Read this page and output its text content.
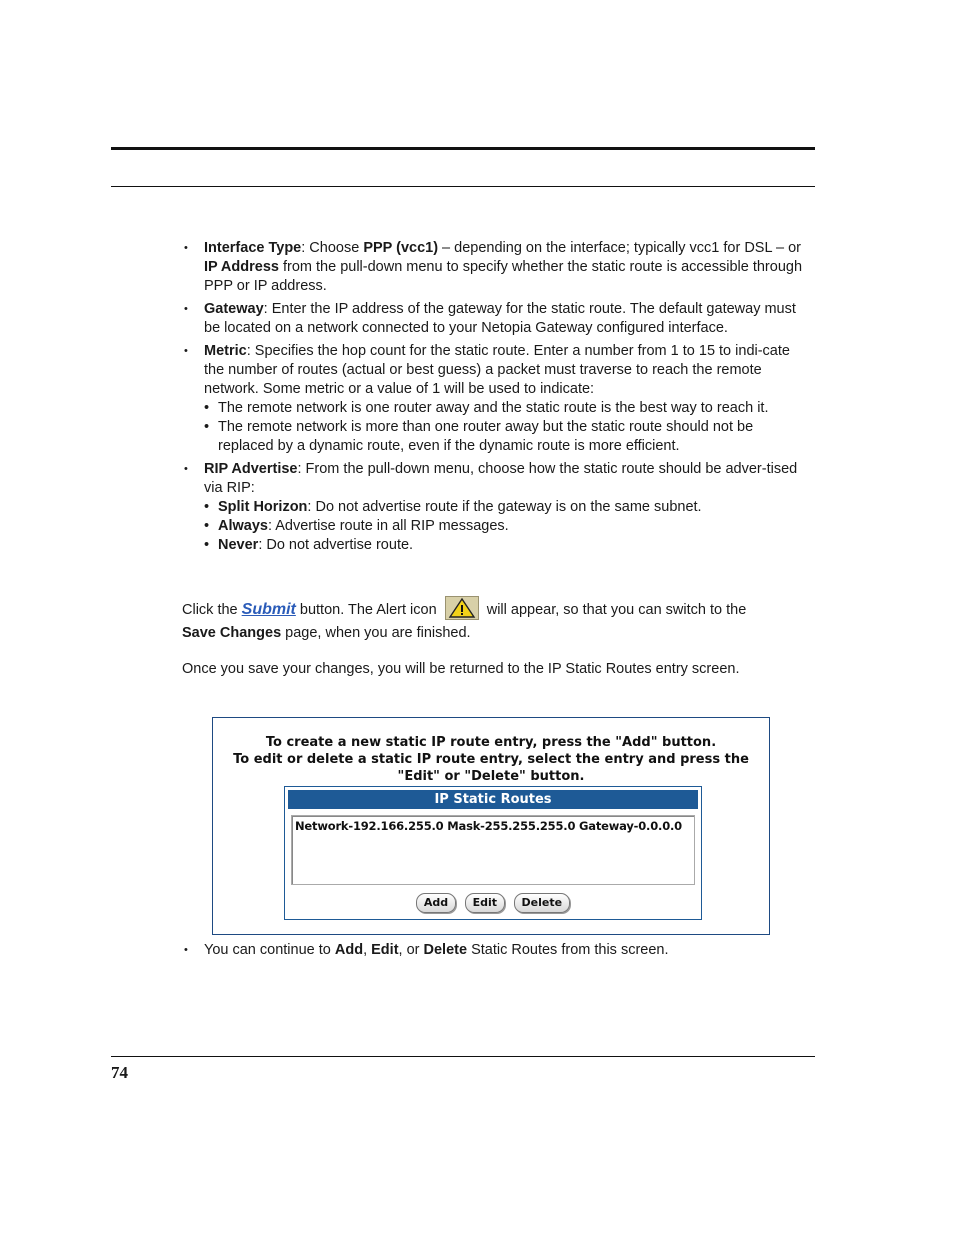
• Interface Type: Choose PPP (vcc1) – depending on the interface; typically vcc1 for DSL – or IP Address from the pull-down menu to specify whether the static route is accessible through PPP or IP address.
• Gateway: Enter the IP address of the gateway for the static route. The default gateway must be located on a network connected to your Netopia Gateway configured interface.
• Metric: Specifies the hop count for the static route. Enter a number from 1 to 15 to indi-cate the number of routes (actual or best guess) a packet must traverse to reach the remote network. Some metric or a value of 1 will be used to indicate:
• The remote network is one router away and the static route is the best way to reach it.
• The remote network is more than one router away but the static route should not be replaced by a dynamic route, even if the dynamic route is more efficient.
• RIP Advertise: From the pull-down menu, choose how the static route should be adver-tised via RIP:
• Split Horizon: Do not advertise route if the gateway is on the same subnet.
• Always: Advertise route in all RIP messages.
• Never: Do not advertise route.
Click the Submit button. The Alert icon	will appear, so that you can switch to the
Save Changes page, when you are finished.
Once you save your changes, you will be returned to the IP Static Routes entry screen.
To create a new static IP route entry, press the "Add" button.
To edit or delete a static IP route entry, select the entry and press the
"Edit" or "Delete" button.
IP Static Routes
Network-192.166.255.0 Mask-255.255.255.0 Gateway-0.0.0.0
Add Edit Delete
• You can continue to Add, Edit, or Delete Static Routes from this screen.
74
